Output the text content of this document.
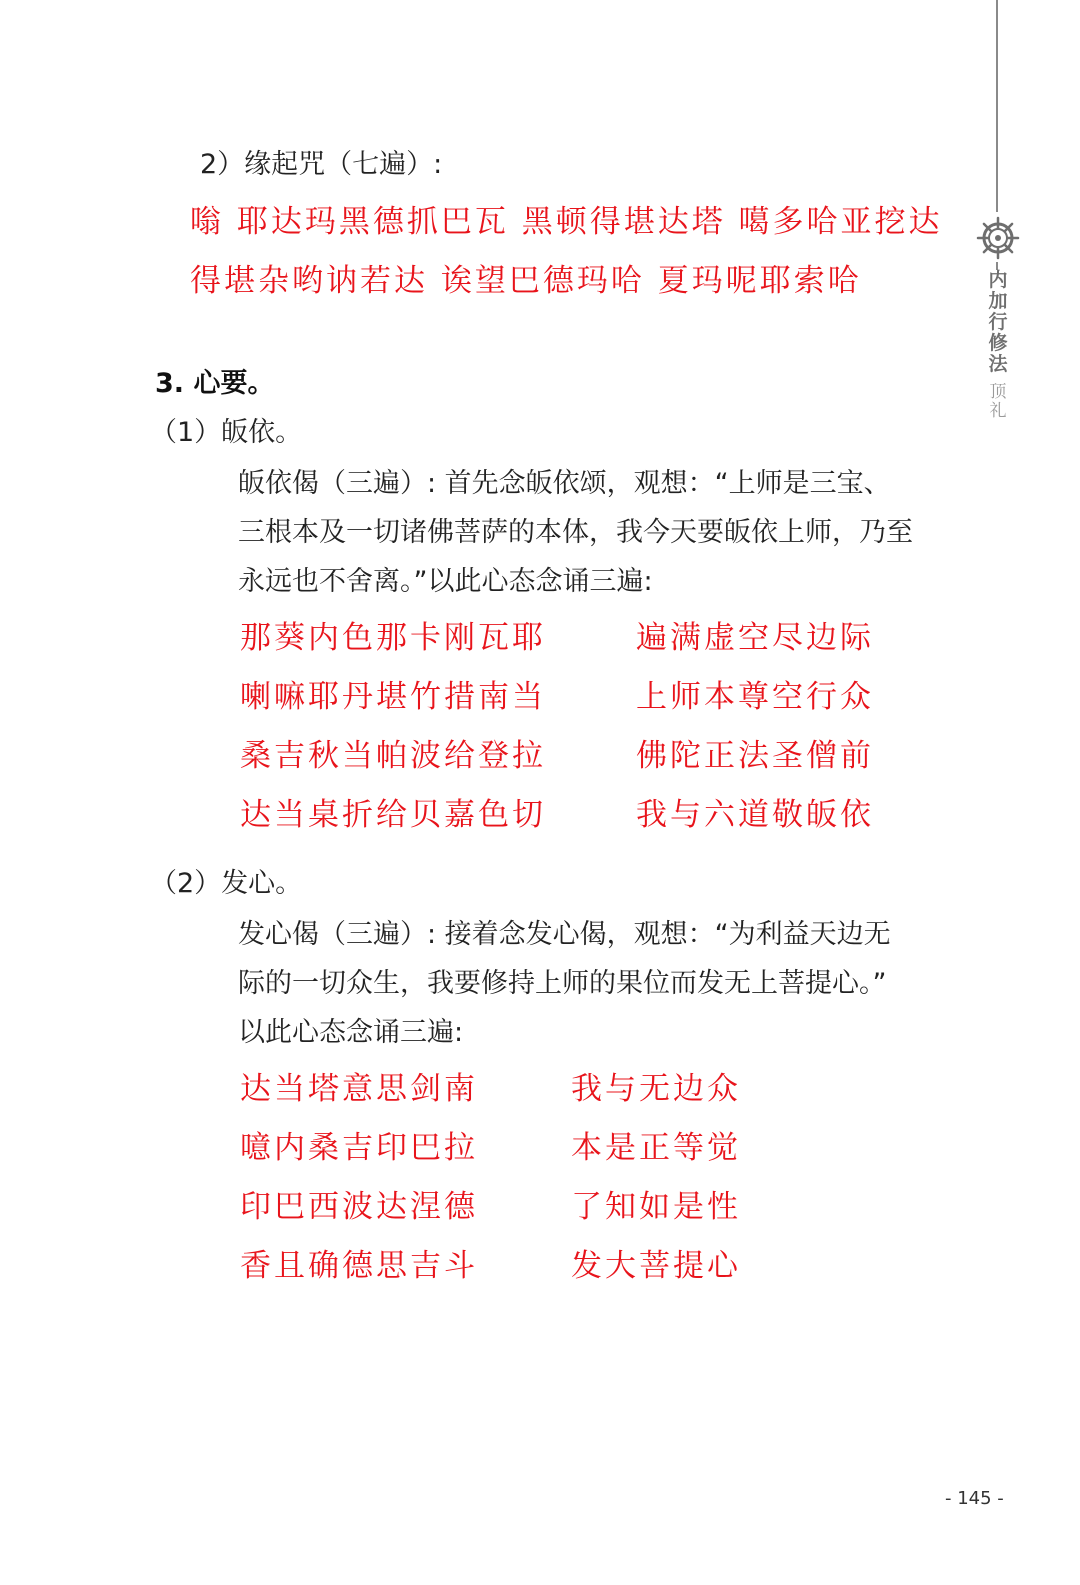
内
加
行
修
法
顶
礼
2）缘起咒（七遍）:
嗡 耶达玛黑德抓巴瓦 黑顿得堪达塔 噶多哈亚挖达
得堪杂哟讷若达 诶望巴德玛哈 夏玛呢耶索哈
3. 心要。
（1）皈依。
皈依偈（三遍）: 首先念皈依颂，观想：“上师是三宝、
三根本及一切诸佛菩萨的本体，我今天要皈依上师，乃至
永远也不舍离。”以此心态念诵三遍:
那葵内色那卡刚瓦耶	遍满虚空尽边际
喇嘛耶丹堪竹措南当	上师本尊空行众
桑吉秋当帕波给登拉	佛陀正法圣僧前
达当桌折给贝嘉色切	我与六道敬皈依
（2）发心。
发心偈（三遍）: 接着念发心偈，观想：“为利益天边无
际的一切众生，我要修持上师的果位而发无上菩提心。”
以此心态念诵三遍:
达当塔意思剑南	我与无边众
噫内桑吉印巴拉	本是正等觉
印巴西波达涅德	了知如是性
香且确德思吉斗	发大菩提心
- 145 -
